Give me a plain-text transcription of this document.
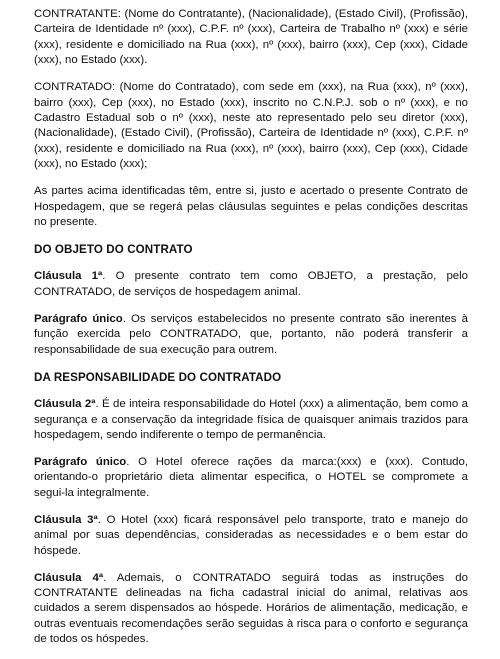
CONTRATANTE: (Nome do Contratante), (Nacionalidade), (Estado Civil), (Profissão), Carteira de Identidade nº (xxx), C.P.F. nº (xxx), Carteira de Trabalho nº (xxx) e série (xxx), residente e domiciliado na Rua (xxx), nº (xxx), bairro (xxx), Cep (xxx), Cidade (xxx), no Estado (xxx).

CONTRATADO: (Nome do Contratado), com sede em (xxx), na Rua (xxx), nº (xxx), bairro (xxx), Cep (xxx), no Estado (xxx), inscrito no C.N.P.J. sob o nº (xxx), e no Cadastro Estadual sob o nº (xxx), neste ato representado pelo seu diretor (xxx), (Nacionalidade), (Estado Civil), (Profissão), Carteira de Identidade nº (xxx), C.P.F. nº (xxx), residente e domiciliado na Rua (xxx), nº (xxx), bairro (xxx), Cep (xxx), Cidade (xxx), no Estado (xxx);

As partes acima identificadas têm, entre si, justo e acertado o presente Contrato de Hospedagem, que se regerá pelas cláusulas seguintes e pelas condições descritas no presente.

DO OBJETO DO CONTRATO

Cláusula 1ª. O presente contrato tem como OBJETO, a prestação, pelo CONTRATADO, de serviços de hospedagem animal.

Parágrafo único. Os serviços estabelecidos no presente contrato são inerentes à função exercida pelo CONTRATADO, que, portanto, não poderá transferir a responsabilidade de sua execução para outrem.

DA RESPONSABILIDADE DO CONTRATADO

Cláusula 2ª. É de inteira responsabilidade do Hotel (xxx) a alimentação, bem como a segurança e a conservação da integridade física de quaisquer animais trazidos para hospedagem, sendo indiferente o tempo de permanência.

Parágrafo único. O Hotel oferece rações da marca:(xxx) e (xxx). Contudo, orientando-o proprietário dieta alimentar especifica, o HOTEL se compromete a segui-la integralmente.

Cláusula 3ª. O Hotel (xxx) ficará responsável pelo transporte, trato e manejo do animal por suas dependências, consideradas as necessidades e o bem estar do hóspede.

Cláusula 4ª. Ademais, o CONTRATADO seguirá todas as instruções do CONTRATANTE delineadas na ficha cadastral inicial do animal, relativas aos cuidados a serem dispensados ao hóspede. Horários de alimentação, medicação, e outras eventuais recomendações serão seguidas à risca para o conforto e segurança de todos os hóspedes.
